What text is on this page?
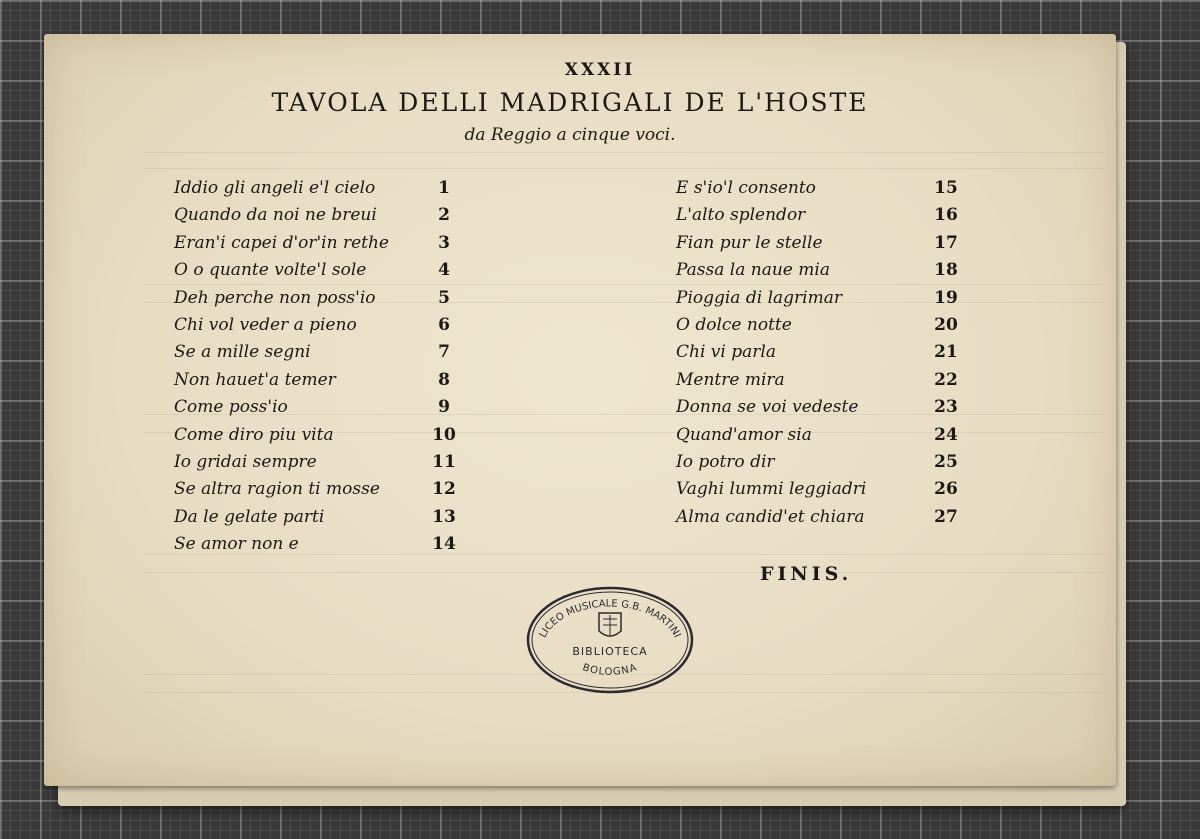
XXXII
TAVOLA DELLI MADRIGALI DE L'HOSTE
da Reggio a cinque voci.
Iddio gli angeli e'l cielo	1
Quando da noi ne breui	2
Eran'i capei d'or'in rethe	3
O o quante volte'l sole	4
Deh perche non poss'io	5
Chi vol veder a pieno	6
Se a mille segni	7
Non hauet'a temer	8
Come poss'io	9
Come diro piu vita	10
Io gridai sempre	11
Se altra ragion ti mosse	12
Da le gelate parti	13
Se amor non e	14
E s'io'l consento	15
L'alto splendor	16
Fian pur le stelle	17
Passa la naue mia	18
Pioggia di lagrimar	19
O dolce notte	20
Chi vi parla	21
Mentre mira	22
Donna se voi vedeste	23
Quand'amor sia	24
Io potro dir	25
Vaghi lummi leggiadri	26
Alma candid'et chiara	27
FINIS.
LICEO MUSICALE G.B. MARTINI
BIBLIOTECA
BOLOGNA
